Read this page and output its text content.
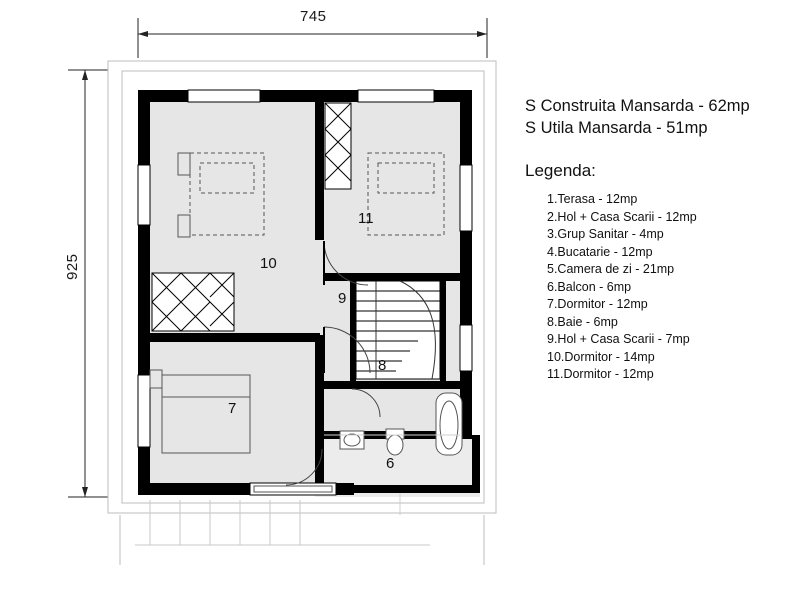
745
925	10
11
9
8
7
6
S Construita Mansarda - 62mp
S Utila Mansarda - 51mp
Legenda:
1.Terasa - 12mp
2.Hol + Casa Scarii - 12mp
3.Grup Sanitar - 4mp
4.Bucatarie - 12mp
5.Camera de zi - 21mp
6.Balcon - 6mp
7.Dormitor - 12mp
8.Baie - 6mp
9.Hol + Casa Scarii - 7mp
10.Dormitor - 14mp
11.Dormitor - 12mp
